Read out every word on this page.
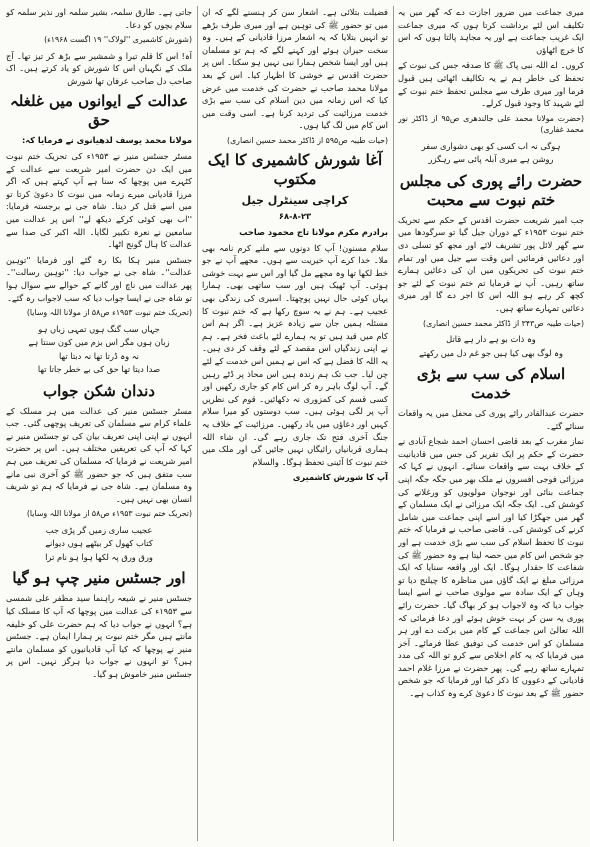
میری جماعت میں ضرور اجازت دے کہ گھر میں یہ تکلیف اس لئے برداشت کرتا ہوں کہ میری جماعت ایک غریب جماعت ہے اور یہ مجاہد پالتا ہوں کہ اس کا خرچ اٹھاؤں

کروں۔ اے اللہ نبی پاک ﷺ کا صدقہ جس کی نبوت کے تحفظ کی خاطر ہم نے یہ تکالیف اٹھائی ہیں قبول فرما اور میری طرف سے مجلس تحفظ ختم نبوت کے لئے شہید کا وجود قبول کرلے۔

(حضرت مولانا محمد علی جالندھری ص۹۵ از ڈاکٹر نور محمد غفاری)

ہوگی نہ اب کسی کو بھی دشواری سفر
روشن ہے میری آبلہ پائی سے رہگزر
حضرت رائے پوری کی مجلس ختم نبوت سے محبت

جب امیر شریعت حضرت اقدس کے حکم سے تحریک ختم نبوت ۱۹۵۳ء کے دوران جیل گیا تو سرگودھا میں سے گھر لائل پور تشریف لائے اور مجھ کو تسلی دی اور دعائیں فرمائیں اس وقت سے جیل میں اور تمام ختم نبوت کی تحریکوں میں ان کی دعائیں ہمارے ساتھ رہیں۔ آپ نے فرمایا تم ختم نبوت کے لئے جو کچھ کر رہے ہو اللہ اس کا اجر دے گا اور میری دعائیں تمہارے ساتھ ہیں۔

(حیات طیبہ ص۳۴۳ از ڈاکٹر محمد حسین انصاری)

وہ ذات بو ہے دار ہے قاتل
وہ لوگ بھی کیا ہیں جو غم دل میں رکھتے
اسلام کی سب سے بڑی خدمت

حضرت عبدالقادر رائے پوری کی محفل میں یہ واقعات سنائے گئے۔

نماز مغرب کے بعد قاضی احسان احمد شجاع آبادی نے حضرت کے حکم پر ایک تقریر کی جس میں قادیانیت کے خلاف بہت سے واقعات سنائے۔ انہوں نے کہا کہ مرزائی فوجی افسروں نے ملک بھر میں جگہ جگہ اپنی جماعت بنائی اور نوجوان مولویوں کو ورغلانے کی کوشش کی۔ ایک جگہ ایک مرزائی نے ایک مسلمان کے گھر میں جھگڑا کیا اور اسے اپنی جماعت میں شامل کرنے کی کوشش کی۔ قاضی صاحب نے فرمایا کہ ختم نبوت کا تحفظ اسلام کی سب سے بڑی خدمت ہے اور جو شخص اس کام میں حصہ لیتا ہے وہ حضور ﷺ کی شفاعت کا حقدار ہوگا۔ ایک اور واقعہ سنایا کہ ایک مرزائی مبلغ نے ایک گاؤں میں مناظرہ کا چیلنج دیا تو وہاں کے ایک سادہ سے مولوی صاحب نے اسے ایسا جواب دیا کہ وہ لاجواب ہو کر بھاگ گیا۔ حضرت رائے پوری یہ سن کر بہت خوش ہوئے اور دعا فرمائی کہ اللہ تعالیٰ اس جماعت کے کام میں برکت دے اور ہر مسلمان کو اس خدمت کی توفیق عطا فرمائے۔ آخر میں فرمایا کہ یہ کام اخلاص سے کرو تو اللہ کی مدد تمہارے ساتھ رہے گی۔ پھر حضرت نے مرزا غلام احمد قادیانی کے دعووں کا ذکر کیا اور فرمایا کہ جو شخص حضور ﷺ کے بعد نبوت کا دعویٰ کرے وہ کذاب ہے۔

فضیلت بتلائی ہے۔ اشعار سن کر ہنسنے لگے کہ ان میں تو حضور ﷺ کی توہین ہے اور میری طرف بڑھے تو انہیں بتلایا کہ یہ اشعار مرزا قادیانی کے ہیں۔ وہ سخت حیران ہوئے اور کہنے لگے کہ ہم تو مسلمان ہیں اور ایسا شخص ہمارا نبی نہیں ہو سکتا۔ اس پر حضرت اقدس نے خوشی کا اظہار کیا۔ اس کے بعد مولانا محمد صاحب نے حضرت کی خدمت میں عرض کیا کہ اس زمانہ میں دین اسلام کی سب سے بڑی خدمت مرزائیت کی تردید کرنا ہے۔ اسی وقت میں اس کام میں لگ گیا ہوں۔

(حیات طیبہ ص۵۹۵ از ڈاکٹر محمد حسین انصاری)

آغا شورش کاشمیری کا ایک مکتوب
کراچی سینٹرل جیل

۶۸-۸-۲۳

برادرم مکرم مولانا تاج محمود صاحب

سلام مسنون! آپ کا دونوں سے ملنے کرم نامہ بھی ملا۔ خدا کرے آپ خیریت سے ہوں۔ مجھے آپ نے جو خط لکھا تھا وہ مجھے مل گیا اور اس سے بہت خوشی ہوئی۔ آپ ٹھیک ہیں اور سب ساتھی بھی۔ ہمارا یہاں کوئی حال نہیں پوچھتا۔ اسیری کی زندگی بھی عجیب ہے۔ ہم نے یہ سوچ رکھا ہے کہ ختم نبوت کا مسئلہ ہمیں جان سے زیادہ عزیز ہے۔ اگر ہم اس کام میں قید ہیں تو یہ ہمارے لئے باعث فخر ہے۔ ہم نے اپنی زندگیاں اس مقصد کے لئے وقف کر دی ہیں۔ یہ اللہ کا فضل ہے کہ اس نے ہمیں اس خدمت کے لئے چن لیا۔ جب تک ہم زندہ ہیں اس محاذ پر ڈٹے رہیں گے۔ آپ لوگ باہر رہ کر اس کام کو جاری رکھیں اور کسی قسم کی کمزوری نہ دکھائیں۔ قوم کی نظریں آپ پر لگی ہوئی ہیں۔ سب دوستوں کو میرا سلام کہیں اور دعاؤں میں یاد رکھیں۔ مرزائیت کے خلاف یہ جنگ آخری فتح تک جاری رہے گی۔ ان شاء اللہ ہماری قربانیاں رائیگاں نہیں جائیں گی اور ملک میں ختم نبوت کا آئینی تحفظ ہوگا۔ والسلام

آپ کا شورش کاشمیری

جاتی ہے۔ طارق سلمہ، بشیر سلمہ اور نذیر سلمہ کو سلام بچوں کو دعا۔

(شورش کاشمیری ''لولاک'' ۱۹ اگست ۱۹۶۸ء)

آہ! اس کا قلم تیرا و شمشیر سے بڑھ کر تیز تھا۔ آج ملک کے نگہبان اس کا شورش کو یاد کرتے ہیں۔ اک صاحب دل صاحب عرفان تھا شورش

عدالت کے ایوانوں میں غلغلہ حق

مولانا محمد یوسف لدھیانوی نے فرمایا کہ:

مسٹر جسٹس منیر نے ۱۹۵۳ء کی تحریک ختم نبوت میں ایک دن حضرت امیر شریعت سے عدالت کے کٹہرے میں پوچھا کہ سنا ہے آپ کہتے ہیں کہ اگر مرزا قادیانی میرے زمانہ میں نبوت کا دعویٰ کرتا تو میں اسے قتل کر دیتا۔ شاہ جی نے برجستہ فرمایا: ''اب بھی کوئی کرکے دیکھ لے'' اس پر عدالت میں سامعین نے نعرہ تکبیر لگایا۔ اللہ اکبر کی صدا سے عدالت کا ہال گونج اٹھا۔

جسٹس منیر ہکا بکا رہ گئے اور فرمایا ''توہین عدالت''۔ شاہ جی نے جواب دیا: ''توہین رسالت''۔ پھر عدالت میں ناچ اور گانے کے حوالے سے سوال ہوا تو شاہ جی نے ایسا جواب دیا کہ سب لاجواب رہ گئے۔

(تحریک ختم نبوت ۱۹۵۳ء ص۵۸ از مولانا اللہ وسایا)

جہاں سب گنگ ہوں تمہی زباں ہو
زبان ہوں مگر اس بزم میں کون سنتا ہے
نہ وہ ڈرتا تھا نہ دبتا تھا
صدا دیتا تھا حق کی بے خطر جاتا تھا
دندان شکن جواب

مسٹر جسٹس منیر کی عدالت میں ہر مسلک کے علماء کرام سے مسلمان کی تعریف پوچھی گئی۔ جب انہوں نے اپنی اپنی تعریف بیان کی تو جسٹس منیر نے کہا کہ آپ کی تعریفیں مختلف ہیں۔ اس پر حضرت امیر شریعت نے فرمایا کہ مسلمان کی تعریف میں ہم سب متفق ہیں کہ جو حضور ﷺ کو آخری نبی مانے وہ مسلمان ہے۔ شاہ جی نے فرمایا کہ ہم تو شریف انسان بھی نہیں ہیں۔

(تحریک ختم نبوت ۱۹۵۳ء ص۵۸ از مولانا اللہ وسایا)

عجیب ساری زمیں گر پڑی جب
کتاب کھول کر بیٹھے ہوں دیوانے
ورق ورق پہ لکھا ہوا ہو نام ترا
اور جسٹس منیر چپ ہو گیا

جسٹس منیر نے شیعہ راہنما سید مظفر علی شمسی سے ۱۹۵۳ء کی عدالت میں پوچھا کہ آپ کا مسلک کیا ہے؟ انہوں نے جواب دیا کہ ہم حضرت علی کو خلیفہ مانتے ہیں مگر ختم نبوت پر ہمارا ایمان ہے۔ جسٹس منیر نے پوچھا کہ کیا آپ قادیانیوں کو مسلمان مانتے ہیں؟ تو انہوں نے جواب دیا ہرگز نہیں۔ اس پر جسٹس منیر خاموش ہو گیا۔
